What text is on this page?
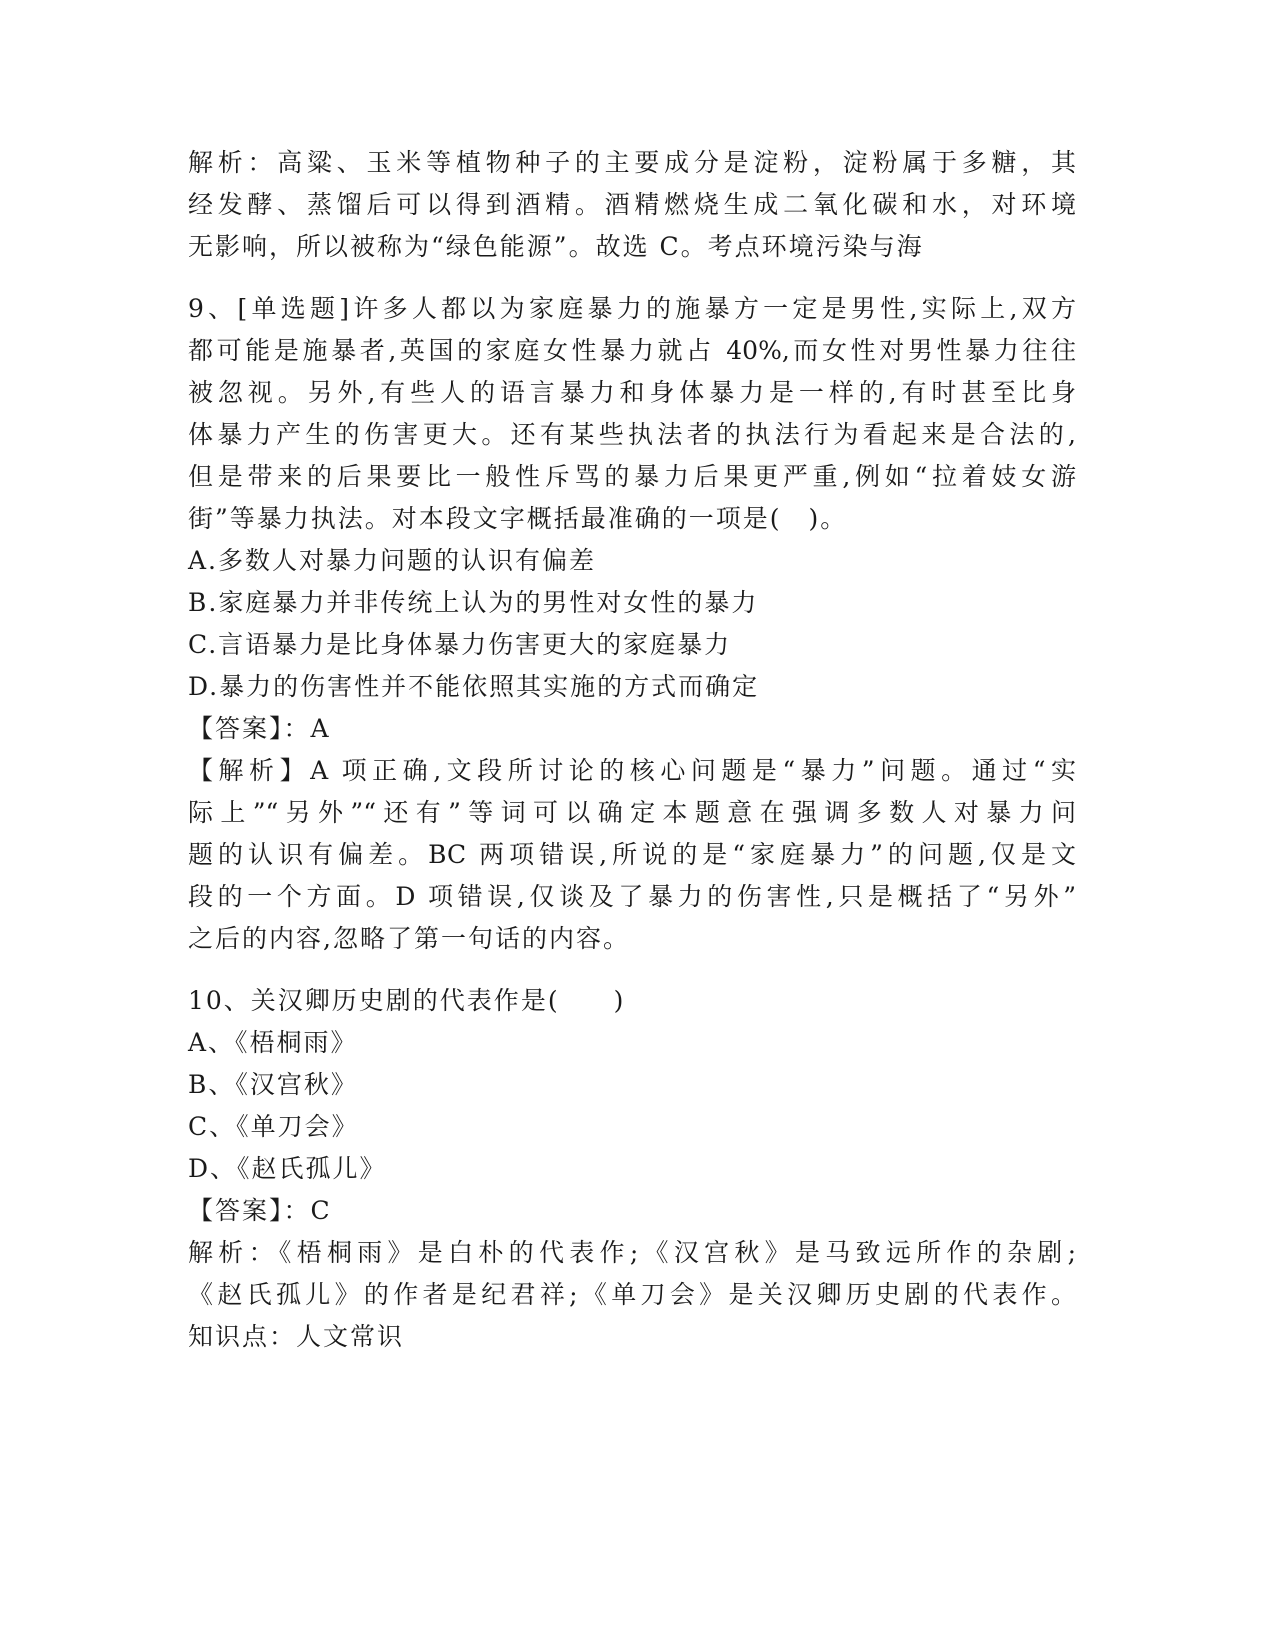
解析：高粱、玉米等植物种子的主要成分是淀粉，淀粉属于多糖，其
经发酵、蒸馏后可以得到酒精。酒精燃烧生成二氧化碳和水，对环境
无影响，所以被称为“绿色能源”。故选 C。考点环境污染与海
9、[单选题]许多人都以为家庭暴力的施暴方一定是男性,实际上,双方
都可能是施暴者,英国的家庭女性暴力就占 40%,而女性对男性暴力往往
被忽视。另外,有些人的语言暴力和身体暴力是一样的,有时甚至比身
体暴力产生的伤害更大。还有某些执法者的执法行为看起来是合法的,
但是带来的后果要比一般性斥骂的暴力后果更严重,例如“拉着妓女游
街”等暴力执法。对本段文字概括最准确的一项是(　)。
A.多数人对暴力问题的认识有偏差
B.家庭暴力并非传统上认为的男性对女性的暴力
C.言语暴力是比身体暴力伤害更大的家庭暴力
D.暴力的伤害性并不能依照其实施的方式而确定
【答案】：A
【解析】A 项正确,文段所讨论的核心问题是“暴力”问题。通过“实
际上”“另外”“还有”等词可以确定本题意在强调多数人对暴力问
题的认识有偏差。BC 两项错误,所说的是“家庭暴力”的问题,仅是文
段的一个方面。D 项错误,仅谈及了暴力的伤害性,只是概括了“另外”
之后的内容,忽略了第一句话的内容。
10、关汉卿历史剧的代表作是(　　)
A、《梧桐雨》
B、《汉宫秋》
C、《单刀会》
D、《赵氏孤儿》
【答案】：C
解析：《梧桐雨》是白朴的代表作;《汉宫秋》是马致远所作的杂剧;
《赵氏孤儿》的作者是纪君祥;《单刀会》是关汉卿历史剧的代表作。
知识点：人文常识
